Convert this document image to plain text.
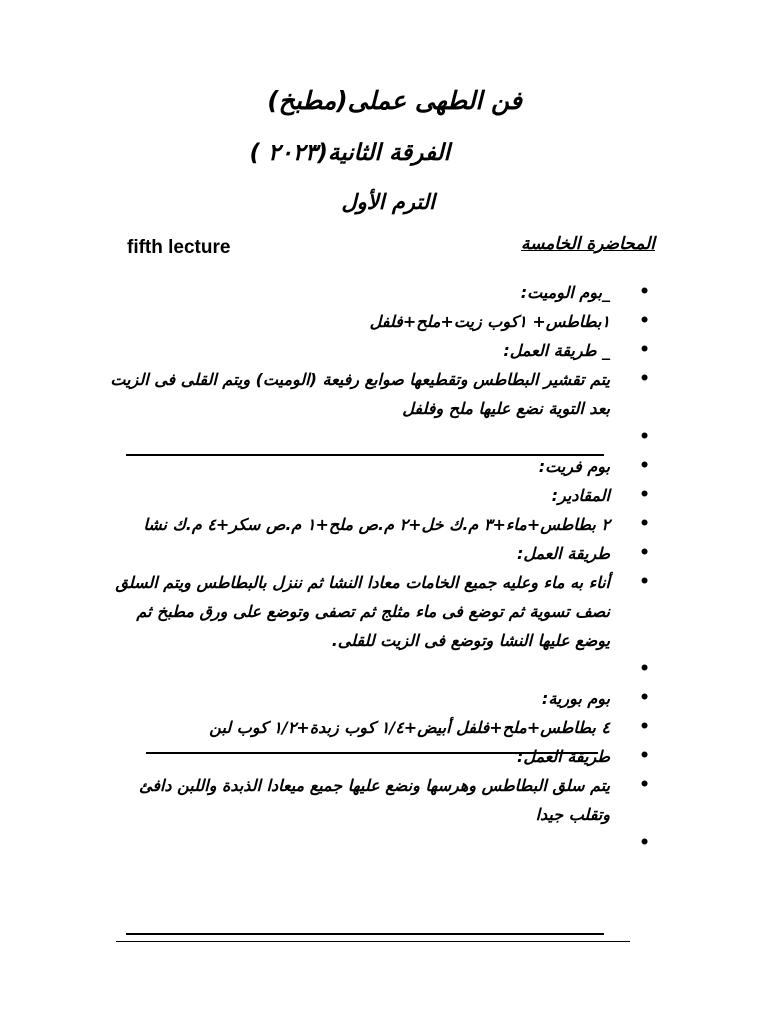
فن الطهى عملى(مطبخ)
الفرقة الثانية(٢٠٢٣ )
الترم الأول
المحاضرة الخامسة
fifth lecture
• _بوم الوميت:
• ١بطاطس+ ١كوب زيت+ملح+فلفل
• _ طريقة العمل:
• يتم تقشير البطاطس وتقطيعها صوابع رفيعة (الوميت) ويتم القلى فى الزيت بعد التوية نضع عليها ملح وفلفل
•
• بوم فريت:
• المقادير:
• ٢ بطاطس+ماء+٣ م.ك خل+٢ م.ص ملح+١ م.ص سكر+٤ م.ك نشا
• طريقة العمل:
• أناء به ماء وعليه جميع الخامات معادا النشا ثم ننزل بالبطاطس ويتم السلق نصف تسوية ثم توضع فى ماء مثلج ثم تصفى وتوضع على ورق مطبخ ثم يوضع عليها النشا وتوضع فى الزيت للقلى.
•
• بوم بورية:
• ٤ بطاطس+ملح+فلفل أبيض+١/٤ كوب زبدة+١/٢ كوب لبن
• طريقة العمل:
• يتم سلق البطاطس وهرسها ونضع عليها جميع ميعادا الذبدة واللبن دافئ وتقلب جيدا
•
